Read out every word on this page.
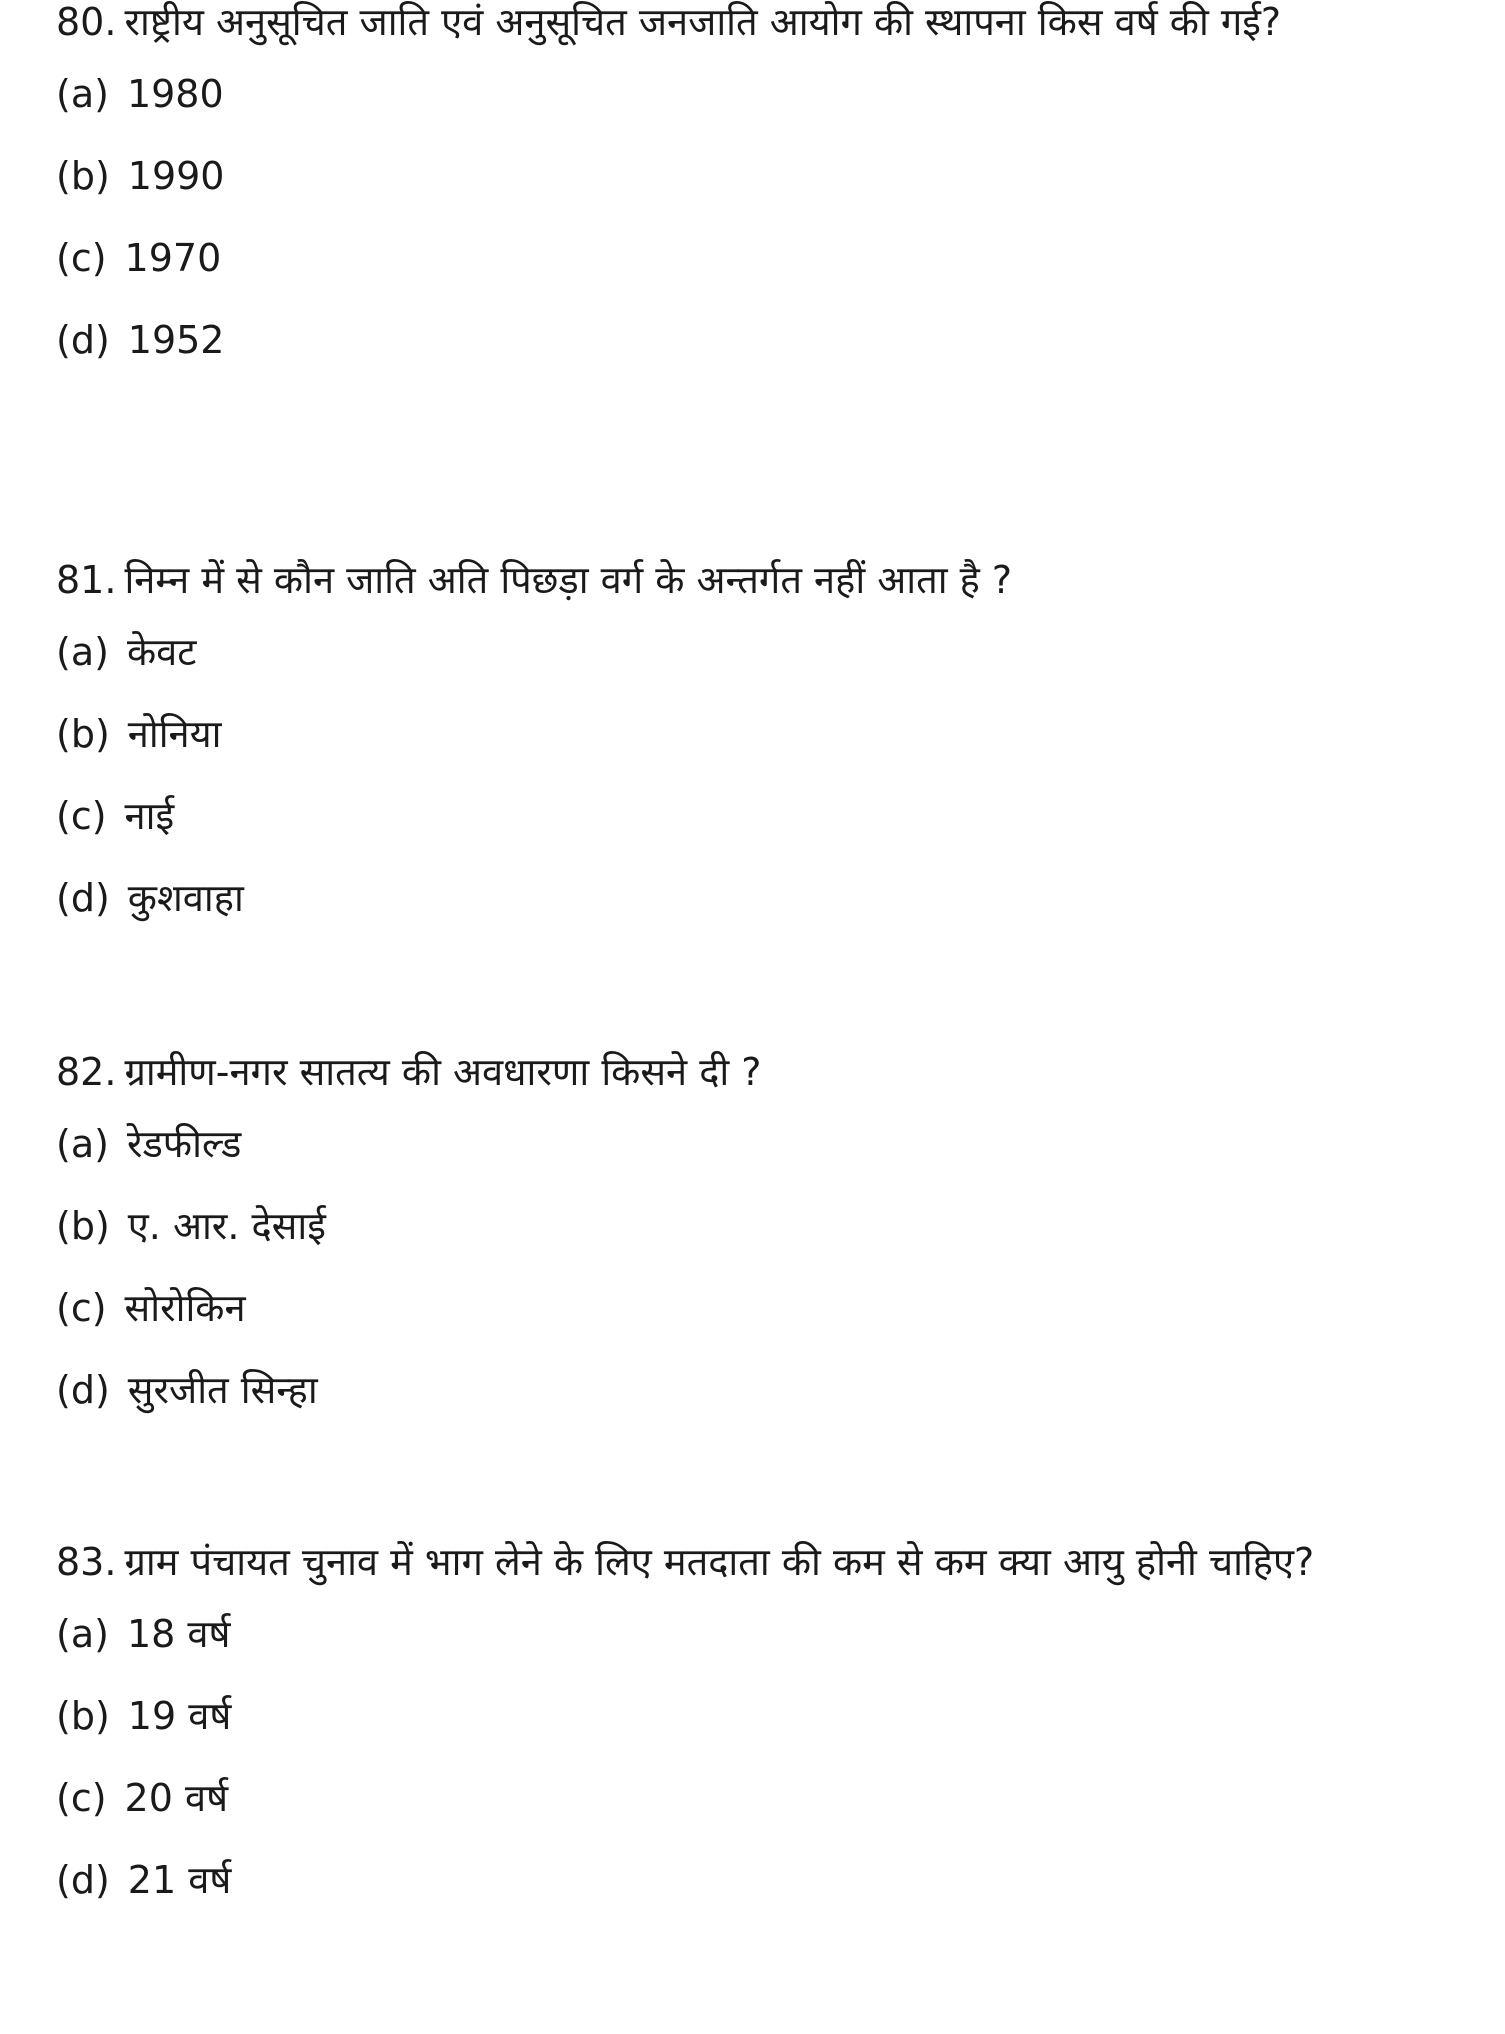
80. राष्ट्रीय अनुसूचित जाति एवं अनुसूचित जनजाति आयोग की स्थापना किस वर्ष की गई?

(a) 1980
(b) 1990
(c) 1970
(d) 1952

81. निम्न में से कौन जाति अति पिछड़ा वर्ग के अन्तर्गत नहीं आता है ?

(a) केवट
(b) नोनिया
(c) नाई
(d) कुशवाहा

82. ग्रामीण-नगर सातत्य की अवधारणा किसने दी ?

(a) रेडफील्ड
(b) ए. आर. देसाई
(c) सोरोकिन
(d) सुरजीत सिन्हा

83. ग्राम पंचायत चुनाव में भाग लेने के लिए मतदाता की कम से कम क्या आयु होनी चाहिए?

(a) 18 वर्ष
(b) 19 वर्ष
(c) 20 वर्ष
(d) 21 वर्ष
